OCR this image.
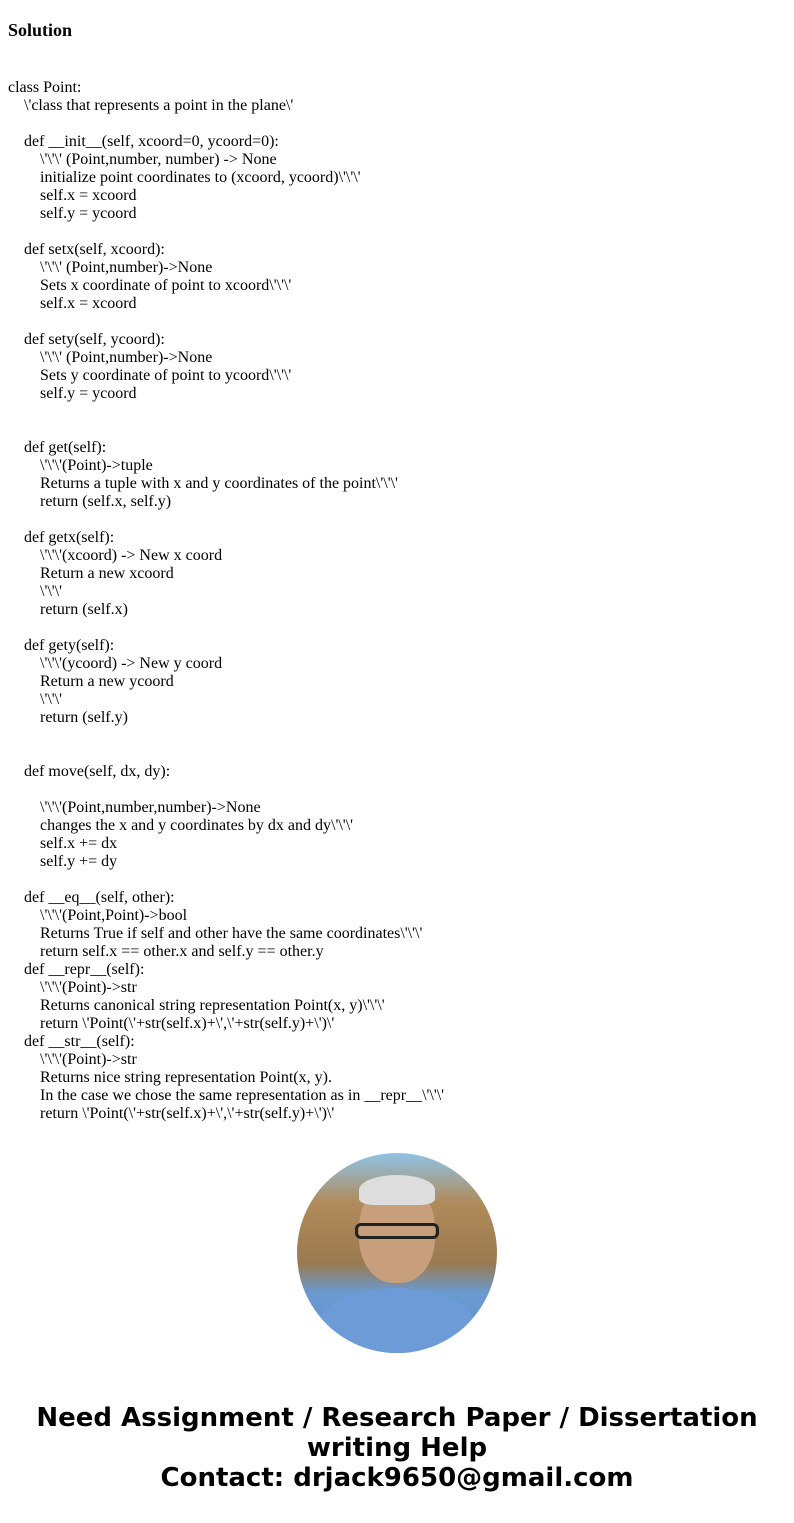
Solution
class Point:
\'class that represents a point in the plane\'
def __init__(self, xcoord=0, ycoord=0):
\'\'\' (Point,number, number) -> None
initialize point coordinates to (xcoord, ycoord)\'\'\'
self.x = xcoord
self.y = ycoord
def setx(self, xcoord):
\'\'\' (Point,number)->None
Sets x coordinate of point to xcoord\'\'\'
self.x = xcoord
def sety(self, ycoord):
\'\'\' (Point,number)->None
Sets y coordinate of point to ycoord\'\'\'
self.y = ycoord
def get(self):
\'\'\'(Point)->tuple
Returns a tuple with x and y coordinates of the point\'\'\'
return (self.x, self.y)
def getx(self):
\'\'\'(xcoord) -> New x coord
Return a new xcoord
\'\'\'
return (self.x)
def gety(self):
\'\'\'(ycoord) -> New y coord
Return a new ycoord
\'\'\'
return (self.y)
def move(self, dx, dy):
\'\'\'(Point,number,number)->None
changes the x and y coordinates by dx and dy\'\'\'
self.x += dx
self.y += dy
def __eq__(self, other):
\'\'\'(Point,Point)->bool
Returns True if self and other have the same coordinates\'\'\'
return self.x == other.x and self.y == other.y
def __repr__(self):
\'\'\'(Point)->str
Returns canonical string representation Point(x, y)\'\'\'
return \'Point(\'+str(self.x)+\',\'+str(self.y)+\')\'
def __str__(self):
\'\'\'(Point)->str
Returns nice string representation Point(x, y).
In the case we chose the same representation as in __repr__\'\'\'
return \'Point(\'+str(self.x)+\',\'+str(self.y)+\')\'
Need Assignment / Research Paper / Dissertation
writing Help
Contact: drjack9650@gmail.com
